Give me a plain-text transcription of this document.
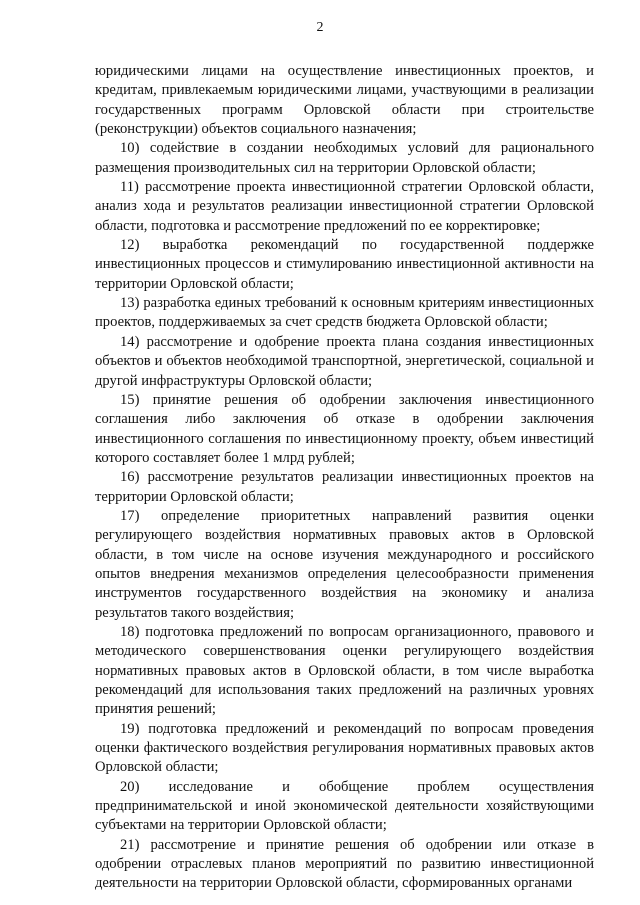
2

юридическими лицами на осуществление инвестиционных проектов, и кредитам, привлекаемым юридическими лицами, участвующими в реализации государственных программ Орловской области при строительстве (реконструкции) объектов социального назначения;

10) содействие в создании необходимых условий для рационального размещения производительных сил на территории Орловской области;

11) рассмотрение проекта инвестиционной стратегии Орловской области, анализ хода и результатов реализации инвестиционной стратегии Орловской области, подготовка и рассмотрение предложений по ее корректировке;

12) выработка рекомендаций по государственной поддержке инвестиционных процессов и стимулированию инвестиционной активности на территории Орловской области;

13) разработка единых требований к основным критериям инвестиционных проектов, поддерживаемых за счет средств бюджета Орловской области;

14) рассмотрение и одобрение проекта плана создания инвестиционных объектов и объектов необходимой транспортной, энергетической, социальной и другой инфраструктуры Орловской области;

15) принятие решения об одобрении заключения инвестиционного соглашения либо заключения об отказе в одобрении заключения инвестиционного соглашения по инвестиционному проекту, объем инвестиций которого составляет более 1 млрд рублей;

16) рассмотрение результатов реализации инвестиционных проектов на территории Орловской области;

17) определение приоритетных направлений развития оценки регулирующего воздействия нормативных правовых актов в Орловской области, в том числе на основе изучения международного и российского опытов внедрения механизмов определения целесообразности применения инструментов государственного воздействия на экономику и анализа результатов такого воздействия;

18) подготовка предложений по вопросам организационного, правового и методического совершенствования оценки регулирующего воздействия нормативных правовых актов в Орловской области, в том числе выработка рекомендаций для использования таких предложений на различных уровнях принятия решений;

19) подготовка предложений и рекомендаций по вопросам проведения оценки фактического воздействия регулирования нормативных правовых актов Орловской области;

20) исследование и обобщение проблем осуществления предпринимательской и иной экономической деятельности хозяйствующими субъектами на территории Орловской области;

21) рассмотрение и принятие решения об одобрении или отказе в одобрении отраслевых планов мероприятий по развитию инвестиционной деятельности на территории Орловской области, сформированных органами
